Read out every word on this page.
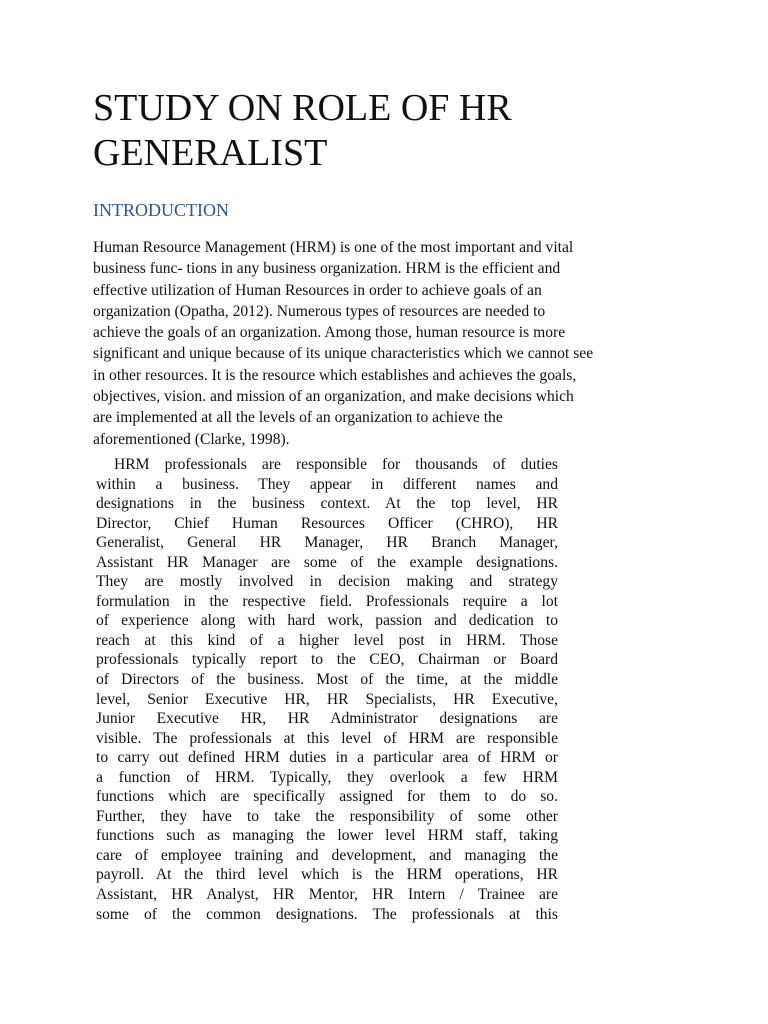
STUDY ON ROLE OF HR
GENERALIST
INTRODUCTION

Human Resource Management (HRM) is one of the most important and vital
business func- tions in any business organization. HRM is the efficient and
effective utilization of Human Resources in order to achieve goals of an
organization (Opatha, 2012). Numerous types of resources are needed to
achieve the goals of an organization. Among those, human resource is more
significant and unique because of its unique characteristics which we cannot see
in other resources. It is the resource which establishes and achieves the goals,
objectives, vision. and mission of an organization, and make decisions which
are implemented at all the levels of an organization to achieve the
aforementioned (Clarke, 1998).

HRM professionals are responsible for thousands of duties
within a business. They appear in different names and
designations in the business context. At the top level, HR
Director, Chief Human Resources Officer (CHRO), HR
Generalist, General HR Manager, HR Branch Manager,
Assistant HR Manager are some of the example designations.
They are mostly involved in decision making and strategy
formulation in the respective field. Professionals require a lot
of experience along with hard work, passion and dedication to
reach at this kind of a higher level post in HRM. Those
professionals typically report to the CEO, Chairman or Board
of Directors of the business. Most of the time, at the middle
level, Senior Executive HR, HR Specialists, HR Executive,
Junior Executive HR, HR Administrator designations are
visible. The professionals at this level of HRM are responsible
to carry out defined HRM duties in a particular area of HRM or
a function of HRM. Typically, they overlook a few HRM
functions which are specifically assigned for them to do so.
Further, they have to take the responsibility of some other
functions such as managing the lower level HRM staff, taking
care of employee training and development, and managing the
payroll. At the third level which is the HRM operations, HR
Assistant, HR Analyst, HR Mentor, HR Intern / Trainee are
some of the common designations. The professionals at this
